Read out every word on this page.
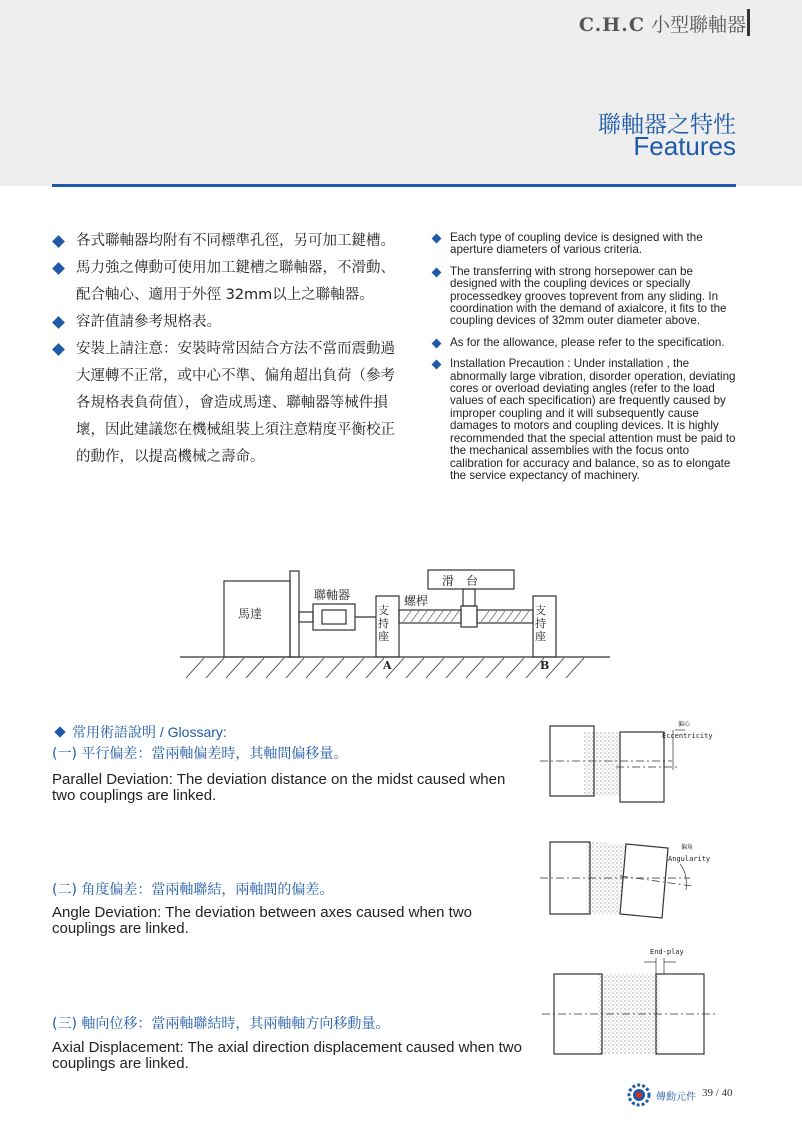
C.H.C 小型聯軸器
聯軸器之特性
Features
各式聯軸器均附有不同標準孔徑，另可加工鍵槽。
馬力強之傳動可使用加工鍵槽之聯軸器，不滑動、配合軸心、適用于外徑 32mm以上之聯軸器。
容許值請參考規格表。
安裝上請注意：安裝時常因結合方法不當而震動過大運轉不正常，或中心不準、偏角超出負荷（參考各規格表負荷值），會造成馬達、聯軸器等械件損壞，因此建議您在機械組裝上須注意精度平衡校正的動作，以提高機械之壽命。
Each type of coupling device is designed with the aperture diameters of various criteria.
The transferring with strong horsepower can be designed with the coupling devices or specially processedkey grooves toprevent from any sliding. In coordination with the demand of axialcore, it fits to the coupling devices of 32mm outer diameter above.
As for the allowance, please refer to the specification.
Installation Precaution : Under installation , the abnormally large vibration, disorder operation, deviating cores or overload deviating angles (refer to the load values of each specification) are frequently caused by improper coupling and it will subsequently cause damages to motors and coupling devices. It is highly recommended that the special attention must be paid to the mechanical assemblies with the focus onto calibration for accuracy and balance, so as to elongate the service expectancy of machinery.
馬達
聯軸器	螺桿
滑　台
支
持
座
支
持
座
A	B
常用術語說明 / Glossary:
(一) 平行偏差：當兩軸偏差時，其軸間偏移量。
Parallel Deviation: The deviation distance on the midst caused when two couplings are linked.
(二) 角度偏差：當兩軸聯結，兩軸間的偏差。
Angle Deviation: The deviation between axes caused when two couplings are linked.
(三) 軸向位移：當兩軸聯結時，其兩軸軸方向移動量。
Axial Displacement: The axial direction displacement caused when two couplings are linked.
偏心
Eccentricity
偏角
Angularity
End-play
傳動元件 39 / 40
